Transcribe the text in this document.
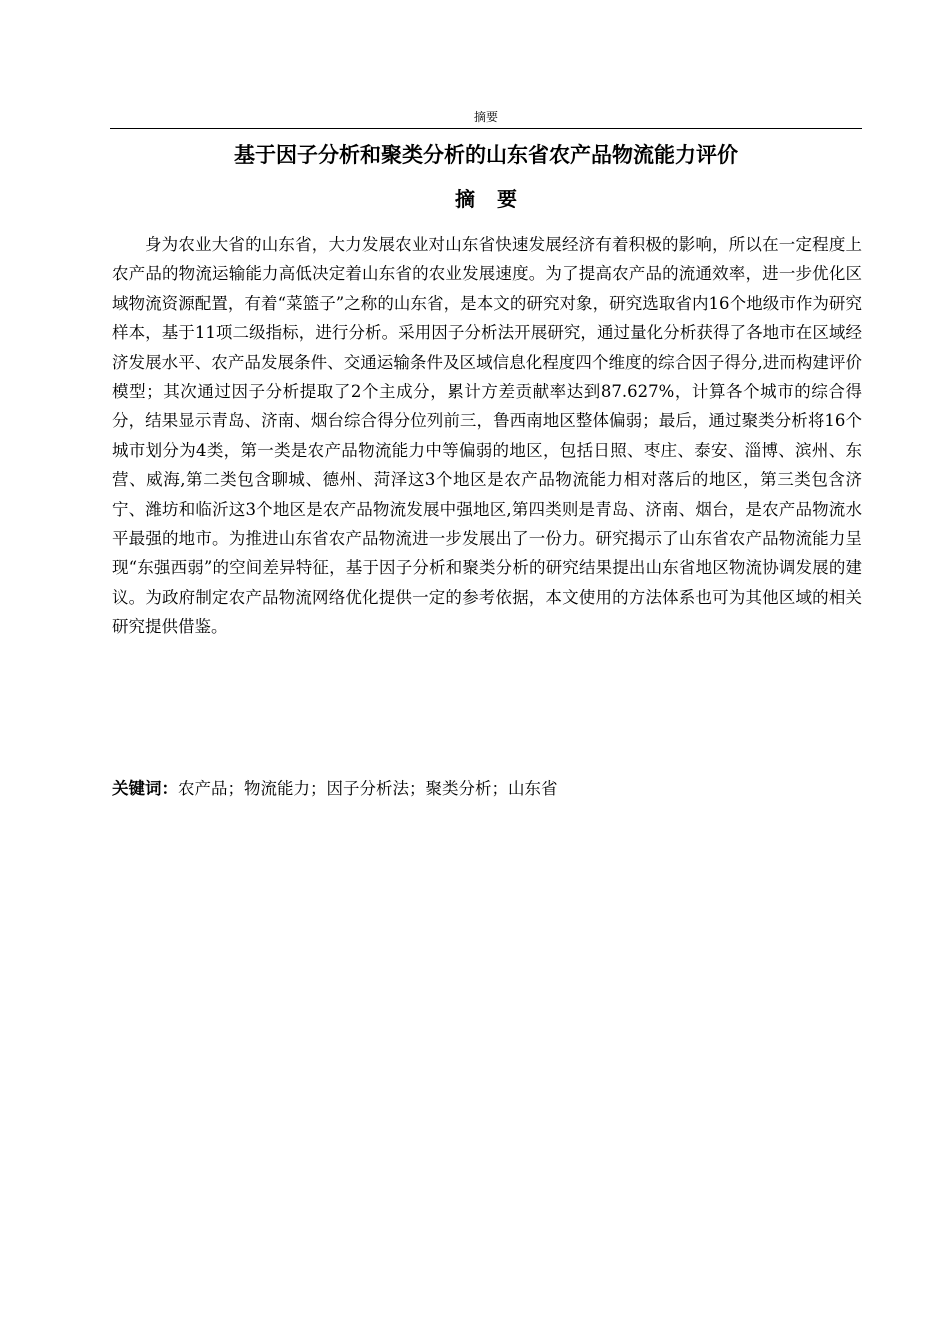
摘要
基于因子分析和聚类分析的山东省农产品物流能力评价
摘要

身为农业大省的山东省，大力发展农业对山东省快速发展经济有着积极的影响，所以在一定程度上农产品的物流运输能力高低决定着山东省的农业发展速度。为了提高农产品的流通效率，进一步优化区域物流资源配置，有着“菜篮子”之称的山东省，是本文的研究对象，研究选取省内16个地级市作为研究样本，基于11项二级指标，进行分析。采用因子分析法开展研究，通过量化分析获得了各地市在区域经济发展水平、农产品发展条件、交通运输条件及区域信息化程度四个维度的综合因子得分,进而构建评价模型；其次通过因子分析提取了2个主成分，累计方差贡献率达到87.627%，计算各个城市的综合得分，结果显示青岛、济南、烟台综合得分位列前三，鲁西南地区整体偏弱；最后，通过聚类分析将16个城市划分为4类，第一类是农产品物流能力中等偏弱的地区，包括日照、枣庄、泰安、淄博、滨州、东营、威海,第二类包含聊城、德州、菏泽这3个地区是农产品物流能力相对落后的地区，第三类包含济宁、潍坊和临沂这3个地区是农产品物流发展中强地区,第四类则是青岛、济南、烟台，是农产品物流水平最强的地市。为推进山东省农产品物流进一步发展出了一份力。研究揭示了山东省农产品物流能力呈现“东强西弱”的空间差异特征，基于因子分析和聚类分析的研究结果提出山东省地区物流协调发展的建议。为政府制定农产品物流网络优化提供一定的参考依据，本文使用的方法体系也可为其他区域的相关研究提供借鉴。

关键词：农产品；物流能力；因子分析法；聚类分析；山东省
